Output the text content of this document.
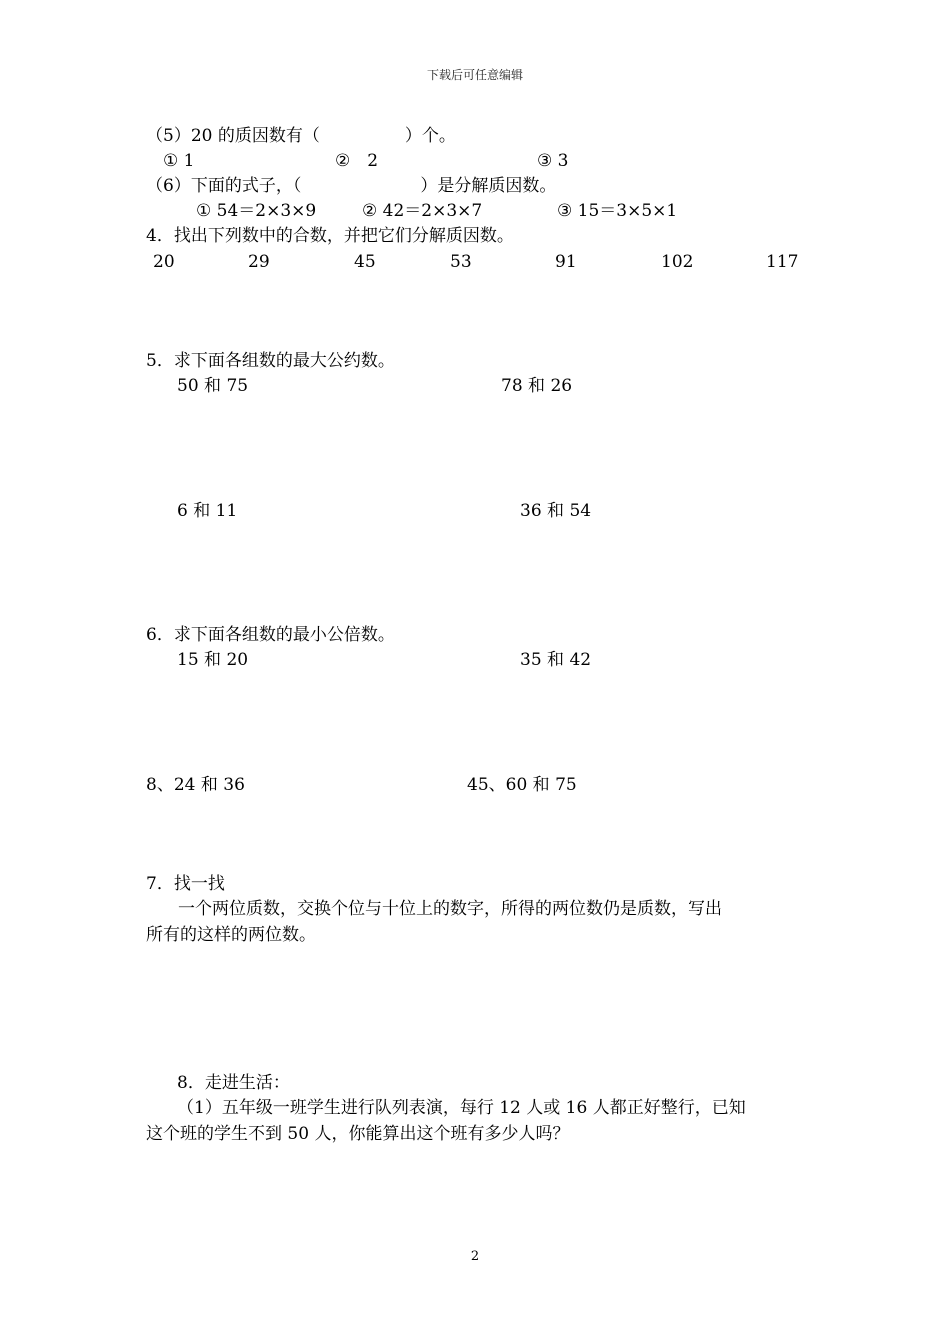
下载后可任意编辑
（5）20 的质因数有（　　　　　）个。
① 1	②　2	③ 3
（6）下面的式子，（　　　　　　　）是分解质因数。
① 54＝2×3×9	② 42＝2×3×7	③ 15＝3×5×1
4．找出下列数中的合数，并把它们分解质因数。
20	29	45	53	91	102	117
5．求下面各组数的最大公约数。
50 和 75	78 和 26
6 和 11	36 和 54
6．求下面各组数的最小公倍数。
15 和 20	35 和 42
8、24 和 36	45、60 和 75
7．找一找
一个两位质数，交换个位与十位上的数字，所得的两位数仍是质数，写出
所有的这样的两位数。
8．走进生活：
（1）五年级一班学生进行队列表演，每行 12 人或 16 人都正好整行，已知
这个班的学生不到 50 人，你能算出这个班有多少人吗？
2
